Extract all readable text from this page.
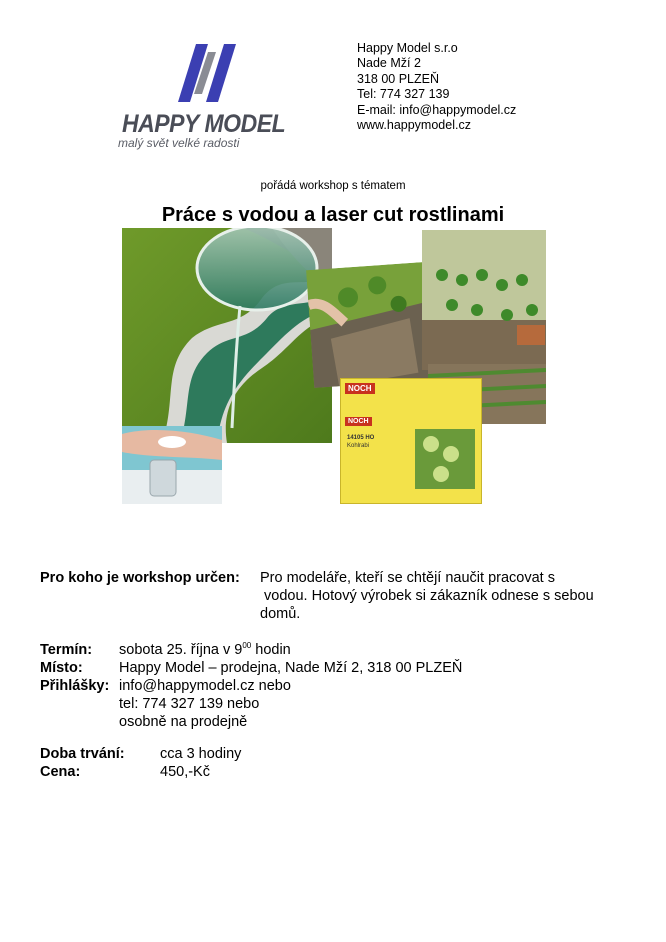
HAPPY MODEL
malý svět velké radosti
Happy Model s.r.o
Nade Mží 2
318 00 PLZEŇ
Tel: 774 327 139
E-mail: info@happymodel.cz
www.happymodel.cz
pořádá workshop s tématem
Práce s vodou a laser cut rostlinami
NOCH
NOCH
14105 HO
Kohlrabi
Pro koho je workshop určen: Pro modeláře, kteří se chtějí naučit pracovat s
vodou. Hotový výrobek si zákazník odnese s sebou
domů.
Termín: sobota 25. října v $9^{00}$ hodin
Místo:	Happy Model – prodejna, Nade Mží 2, 318 00 PLZEŇ
Přihlášky: info@happymodel.cz nebo
tel: 774 327 139 nebo
osobně na prodejně
Doba trvání: cca 3 hodiny
Cena:	450,-Kč
